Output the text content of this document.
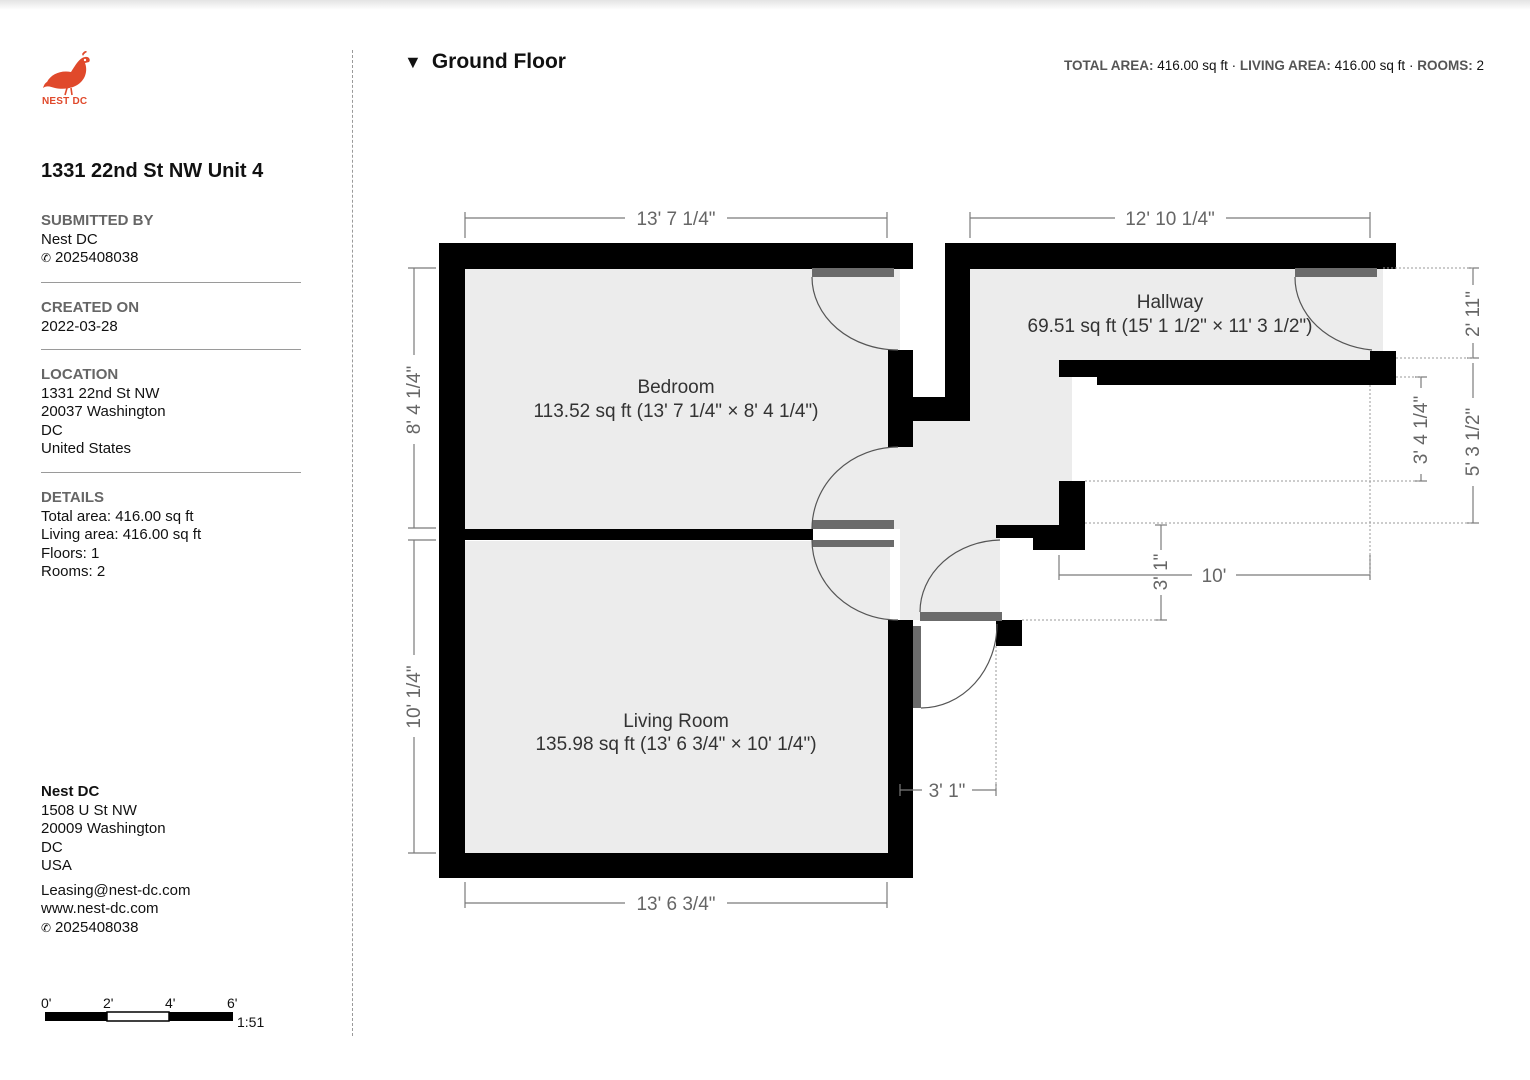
NEST DC
1331 22nd St NW Unit 4
SUBMITTED BY
Nest DC
✆ 2025408038
CREATED ON
2022-03-28
LOCATION
1331 22nd St NW
20037 Washington
DC
United States
DETAILS
Total area: 416.00 sq ft
Living area: 416.00 sq ft
Floors: 1
Rooms: 2
Nest DC
1508 U St NW
20009 Washington
DC
USA
Leasing@nest-dc.com
www.nest-dc.com
✆ 2025408038
0'	2'	4'	6'
1:51
▼ Ground Floor	TOTAL AREA: 416.00 sq ft · LIVING AREA: 416.00 sq ft · ROOMS: 2
13' 7 1/4"	12' 10 1/4"
8' 4 1/4"
10' 1/4"
13' 6 3/4"
2' 11"
5' 3 1/2"
3' 4 1/4"
10'
3' 1"
3' 1"
Bedroom
113.52 sq ft (13' 7 1/4" × 8' 4 1/4")
Living Room
135.98 sq ft (13' 6 3/4" × 10' 1/4")
Hallway
69.51 sq ft (15' 1 1/2" × 11' 3 1/2")
